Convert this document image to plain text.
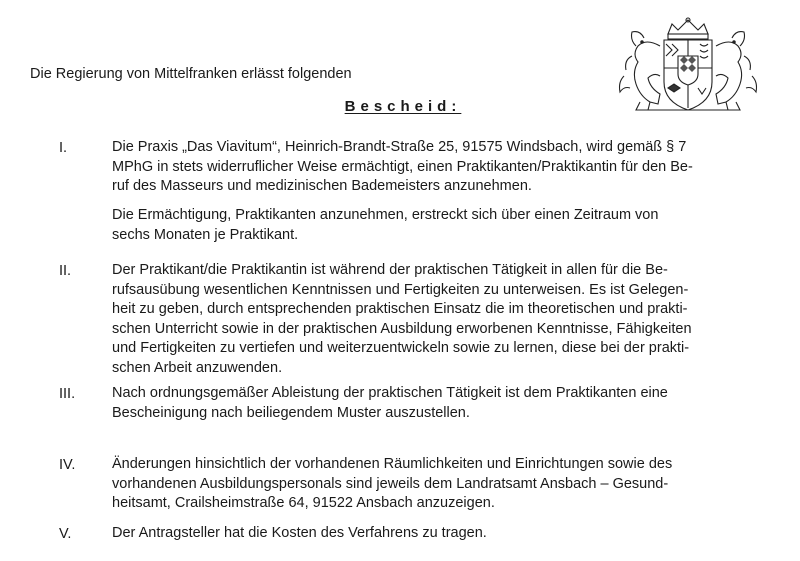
Die Regierung von Mittelfranken erlässt folgenden
Bescheid:
I.	Die Praxis „Das Viavitum“, Heinrich-Brandt-Straße 25, 91575 Windsbach, wird gemäß § 7
MPhG in stets widerruflicher Weise ermächtigt, einen Praktikanten/Praktikantin für den Be-
ruf des Masseurs und medizinischen Bademeisters anzunehmen.
Die Ermächtigung, Praktikanten anzunehmen, erstreckt sich über einen Zeitraum von
sechs Monaten je Praktikant.
II.	Der Praktikant/die Praktikantin ist während der praktischen Tätigkeit in allen für die Be-
rufsausübung wesentlichen Kenntnissen und Fertigkeiten zu unterweisen. Es ist Gelegen-
heit zu geben, durch entsprechenden praktischen Einsatz die im theoretischen und prakti-
schen Unterricht sowie in der praktischen Ausbildung erworbenen Kenntnisse, Fähigkeiten
und Fertigkeiten zu vertiefen und weiterzuentwickeln sowie zu lernen, diese bei der prakti-
schen Arbeit anzuwenden.
III.	Nach ordnungsgemäßer Ableistung der praktischen Tätigkeit ist dem Praktikanten eine
Bescheinigung nach beiliegendem Muster auszustellen.
IV.	Änderungen hinsichtlich der vorhandenen Räumlichkeiten und Einrichtungen sowie des
vorhandenen Ausbildungspersonals sind jeweils dem Landratsamt Ansbach – Gesund-
heitsamt, Crailsheimstraße 64, 91522 Ansbach anzuzeigen.
V.	Der Antragsteller hat die Kosten des Verfahrens zu tragen.
